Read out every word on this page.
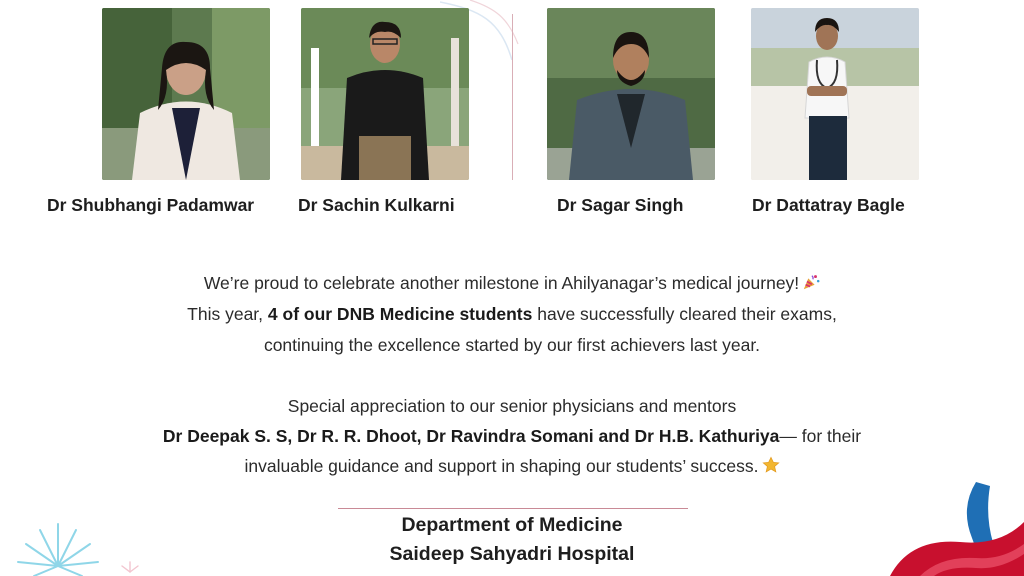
Dr Shubhangi Padamwar	Dr Sachin Kulkarni	Dr Sagar Singh	Dr Dattatray Bagle
We’re proud to celebrate another milestone in Ahilyanagar’s medical journey!
This year, 4 of our DNB Medicine students have successfully cleared their exams,
continuing the excellence started by our first achievers last year.
Special appreciation to our senior physicians and mentors
Dr Deepak S. S, Dr R. R. Dhoot, Dr Ravindra Somani and Dr H.B. Kathuriya— for their
invaluable guidance and support in shaping our students’ success.
Department of Medicine
Saideep Sahyadri Hospital
